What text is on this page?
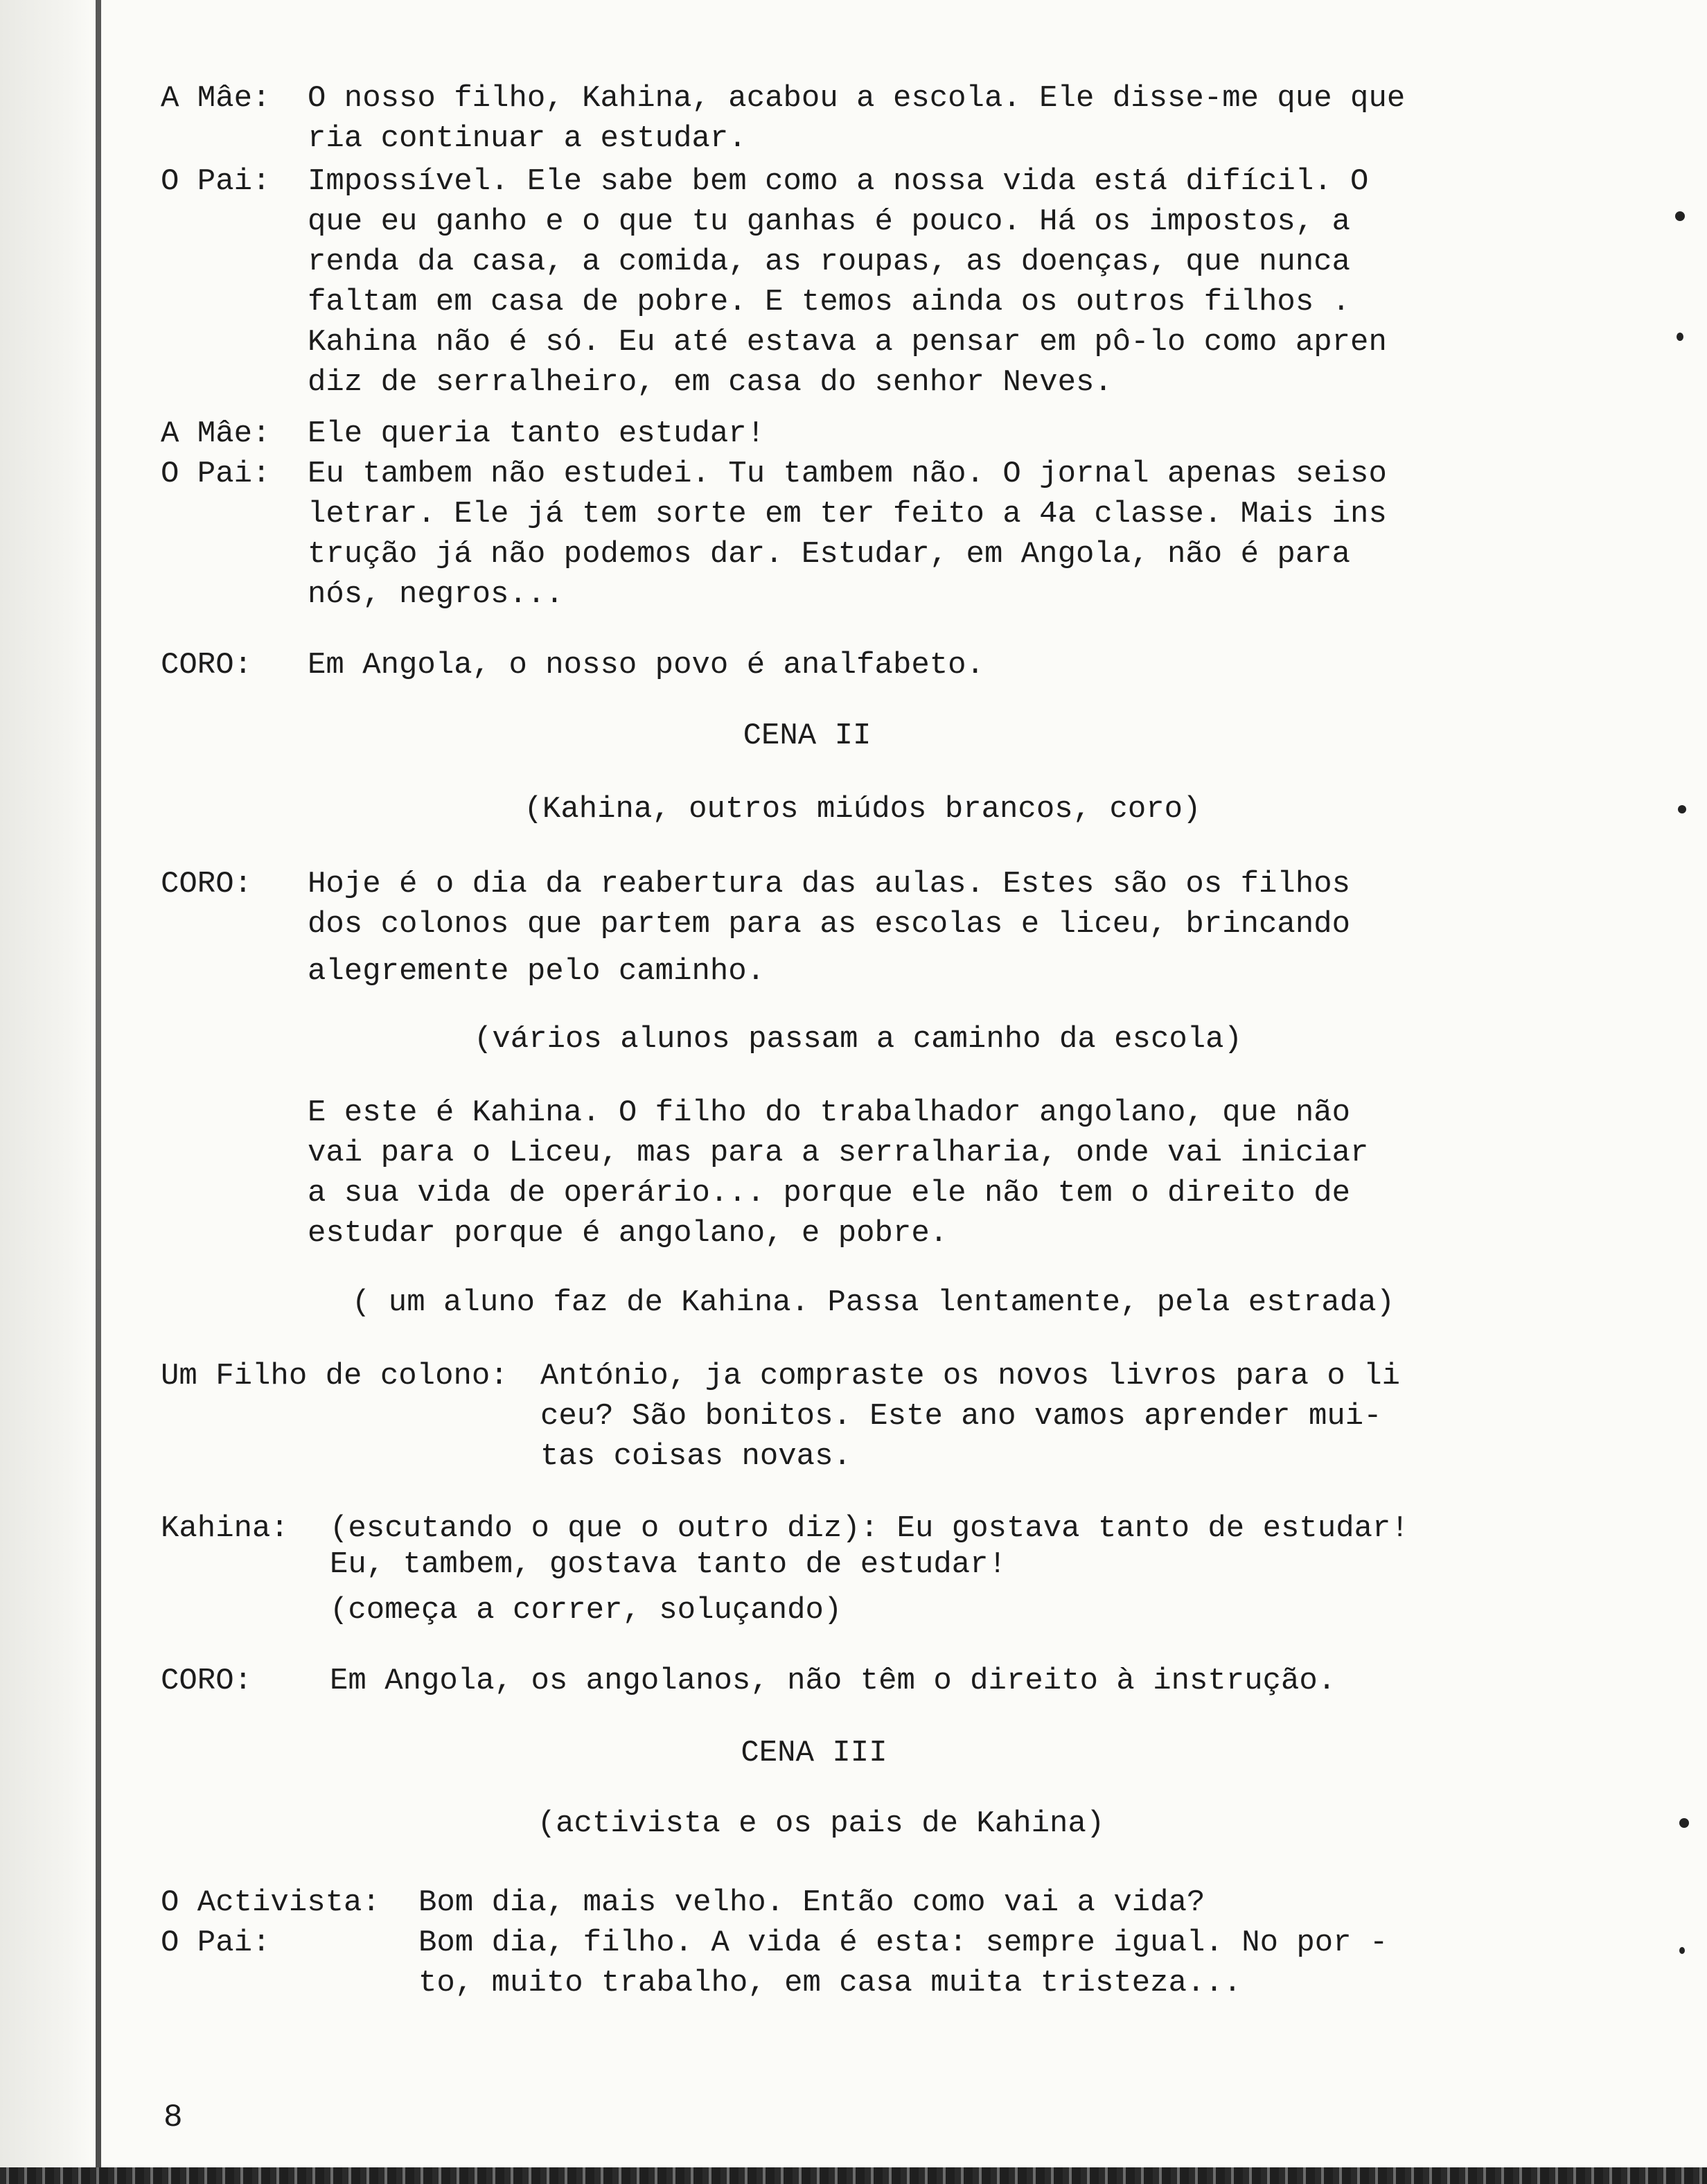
A Mâe: O nosso filho, Kahina, acabou a escola. Ele disse-me que que
ria continuar a estudar.
O Pai: Impossível. Ele sabe bem como a nossa vida está difícil. O
que eu ganho e o que tu ganhas é pouco. Há os impostos, a
renda da casa, a comida, as roupas, as doenças, que nunca
faltam em casa de pobre. E temos ainda os outros filhos .
Kahina não é só. Eu até estava a pensar em pô-lo como apren
diz de serralheiro, em casa do senhor Neves.
A Mâe: Ele queria tanto estudar!
O Pai: Eu tambem não estudei. Tu tambem não. O jornal apenas seiso
letrar. Ele já tem sorte em ter feito a 4a classe. Mais ins
trução já não podemos dar. Estudar, em Angola, não é para
nós, negros...
CORO: Em Angola, o nosso povo é analfabeto.
CENA II
(Kahina, outros miúdos brancos, coro)
CORO: Hoje é o dia da reabertura das aulas. Estes são os filhos
dos colonos que partem para as escolas e liceu, brincando
alegremente pelo caminho.
(vários alunos passam a caminho da escola)
E este é Kahina. O filho do trabalhador angolano, que não
vai para o Liceu, mas para a serralharia, onde vai iniciar
a sua vida de operário... porque ele não tem o direito de
estudar porque é angolano, e pobre.
( um aluno faz de Kahina. Passa lentamente, pela estrada)
Um Filho de colono: António, ja compraste os novos livros para o li
ceu? São bonitos. Este ano vamos aprender mui-
tas coisas novas.
Kahina: (escutando o que o outro diz): Eu gostava tanto de estudar!
Eu, tambem, gostava tanto de estudar!
(começa a correr, soluçando)
CORO:	Em Angola, os angolanos, não têm o direito à instrução.
CENA III
(activista e os pais de Kahina)
O Activista: Bom dia, mais velho. Então como vai a vida?
O Pai:	Bom dia, filho. A vida é esta: sempre igual. No por -
to, muito trabalho, em casa muita tristeza...
8
